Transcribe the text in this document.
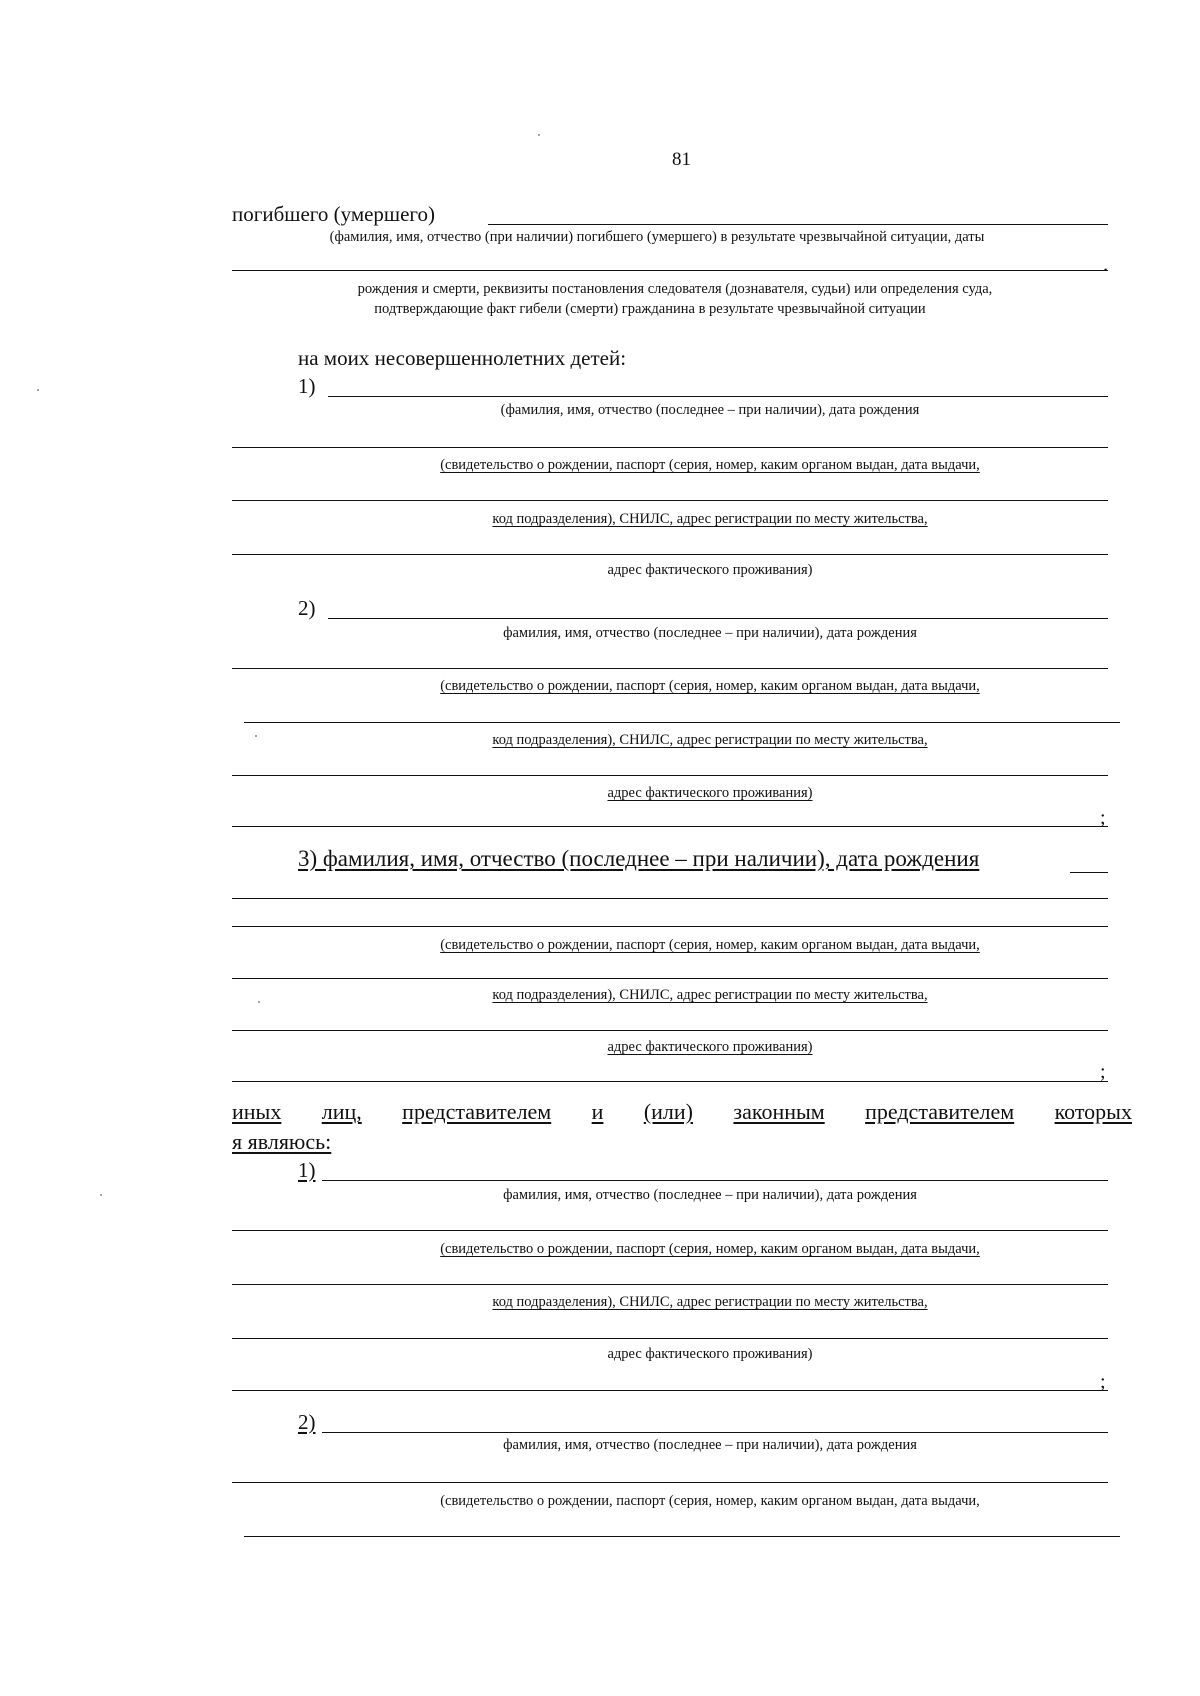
81
погибшего (умершего)
(фамилия, имя, отчество (при наличии) погибшего (умершего) в результате чрезвычайной ситуации, даты
.
рождения и смерти, реквизиты постановления следователя (дознавателя, судьи) или определения суда,
подтверждающие факт гибели (смерти) гражданина в результате чрезвычайной ситуации
на моих несовершеннолетних детей:
1)
(фамилия, имя, отчество (последнее – при наличии), дата рождения
(свидетельство о рождении, паспорт (серия, номер, каким органом выдан, дата выдачи,
код подразделения), СНИЛС, адрес регистрации по месту жительства,
адрес фактического проживания)
2)
фамилия, имя, отчество (последнее – при наличии), дата рождения
(свидетельство о рождении, паспорт (серия, номер, каким органом выдан, дата выдачи,
код подразделения), СНИЛС, адрес регистрации по месту жительства,
адрес фактического проживания)
;
3) фамилия, имя, отчество (последнее – при наличии), дата рождения
(свидетельство о рождении, паспорт (серия, номер, каким органом выдан, дата выдачи,
код подразделения), СНИЛС, адрес регистрации по месту жительства,
адрес фактического проживания)
;
иных лиц, представителем и (или) законным представителем которых
я являюсь:
1)
фамилия, имя, отчество (последнее – при наличии), дата рождения
(свидетельство о рождении, паспорт (серия, номер, каким органом выдан, дата выдачи,
код подразделения), СНИЛС, адрес регистрации по месту жительства,
адрес фактического проживания)
;
2)
фамилия, имя, отчество (последнее – при наличии), дата рождения
(свидетельство о рождении, паспорт (серия, номер, каким органом выдан, дата выдачи,
